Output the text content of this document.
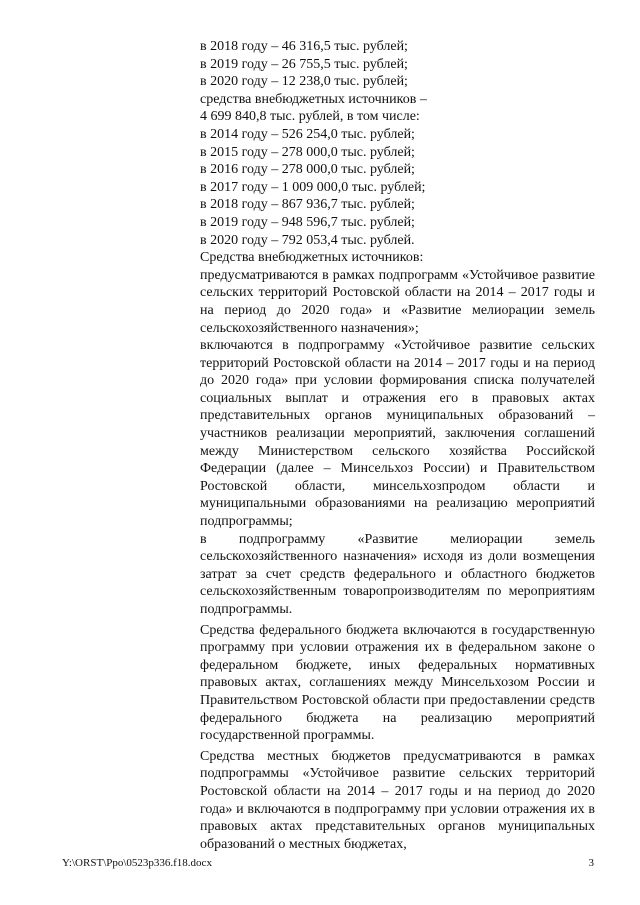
в 2018 году – 46 316,5 тыс. рублей;

в 2019 году – 26 755,5 тыс. рублей;

в 2020 году – 12 238,0 тыс. рублей;

средства внебюджетных источников –

4 699 840,8 тыс. рублей, в том числе:

в 2014 году – 526 254,0 тыс. рублей;

в 2015 году – 278 000,0 тыс. рублей;

в 2016 году – 278 000,0 тыс. рублей;

в 2017 году – 1 009 000,0 тыс. рублей;

в 2018 году – 867 936,7 тыс. рублей;

в 2019 году – 948 596,7 тыс. рублей;

в 2020 году – 792 053,4 тыс. рублей.

Средства внебюджетных источников:

предусматриваются в рамках подпрограмм «Устойчивое развитие сельских территорий Ростовской области на 2014 – 2017 годы и на период до 2020 года» и «Развитие мелиорации земель сельскохозяйственного назначения»;

включаются в подпрограмму «Устойчивое развитие сельских территорий Ростовской области на 2014 – 2017 годы и на период до 2020 года» при условии формирования списка получателей социальных выплат и отражения его в правовых актах представительных органов муниципальных образований – участников реализации мероприятий, заключения соглашений между Министерством сельского хозяйства Российской Федерации (далее – Минсельхоз России) и Правительством Ростовской области, минсельхозпродом области и муниципальными образованиями на реализацию мероприятий подпрограммы;

в подпрограмму «Развитие мелиорации земель сельскохозяйственного назначения» исходя из доли возмещения затрат за счет средств федерального и областного бюджетов сельскохозяйственным товаропроизводителям по мероприятиям подпрограммы.

Средства федерального бюджета включаются в государственную программу при условии отражения их в федеральном законе о федеральном бюджете, иных федеральных нормативных правовых актах, соглашениях между Минсельхозом России и Правительством Ростовской области при предоставлении средств федерального бюджета на реализацию мероприятий государственной программы.

Средства местных бюджетов предусматриваются в рамках подпрограммы «Устойчивое развитие сельских территорий Ростовской области на 2014 – 2017 годы и на период до 2020 года» и включаются в подпрограмму при условии отражения их в правовых актах представительных органов муниципальных образований о местных бюджетах,

Y:\ORST\Ppo\0523p336.f18.docx	3
